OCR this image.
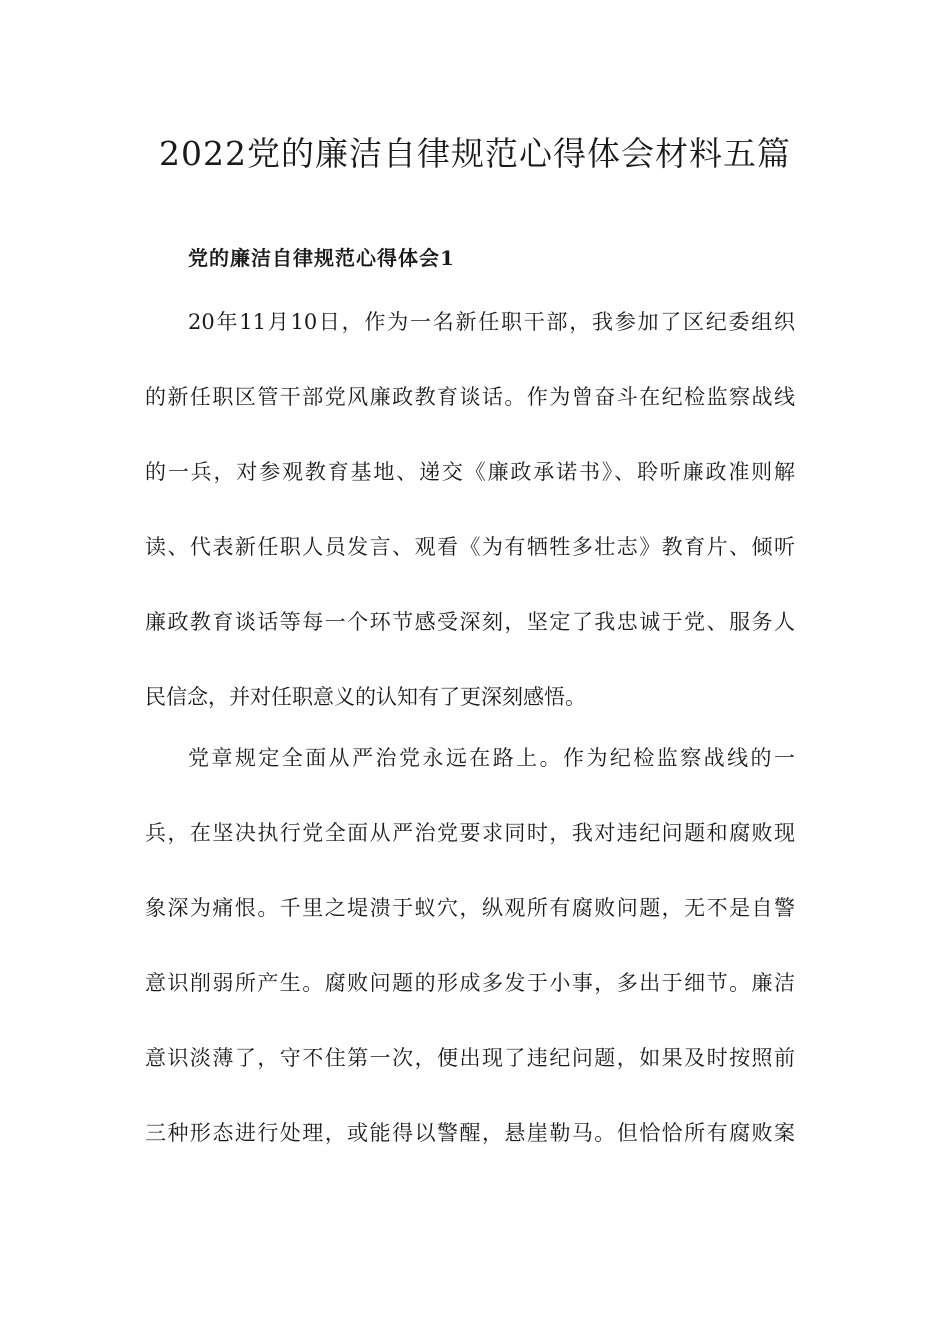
2022党的廉洁自律规范心得体会材料五篇
党的廉洁自律规范心得体会1
20年11月10日，作为一名新任职干部，我参加了区纪委组织
的新任职区管干部党风廉政教育谈话。作为曾奋斗在纪检监察战线
的一兵，对参观教育基地、递交《廉政承诺书》、聆听廉政准则解
读、代表新任职人员发言、观看《为有牺牲多壮志》教育片、倾听
廉政教育谈话等每一个环节感受深刻，坚定了我忠诚于党、服务人
民信念，并对任职意义的认知有了更深刻感悟。
党章规定全面从严治党永远在路上。作为纪检监察战线的一
兵，在坚决执行党全面从严治党要求同时，我对违纪问题和腐败现
象深为痛恨。千里之堤溃于蚁穴，纵观所有腐败问题，无不是自警
意识削弱所产生。腐败问题的形成多发于小事，多出于细节。廉洁
意识淡薄了，守不住第一次，便出现了违纪问题，如果及时按照前
三种形态进行处理，或能得以警醒，悬崖勒马。但恰恰所有腐败案
